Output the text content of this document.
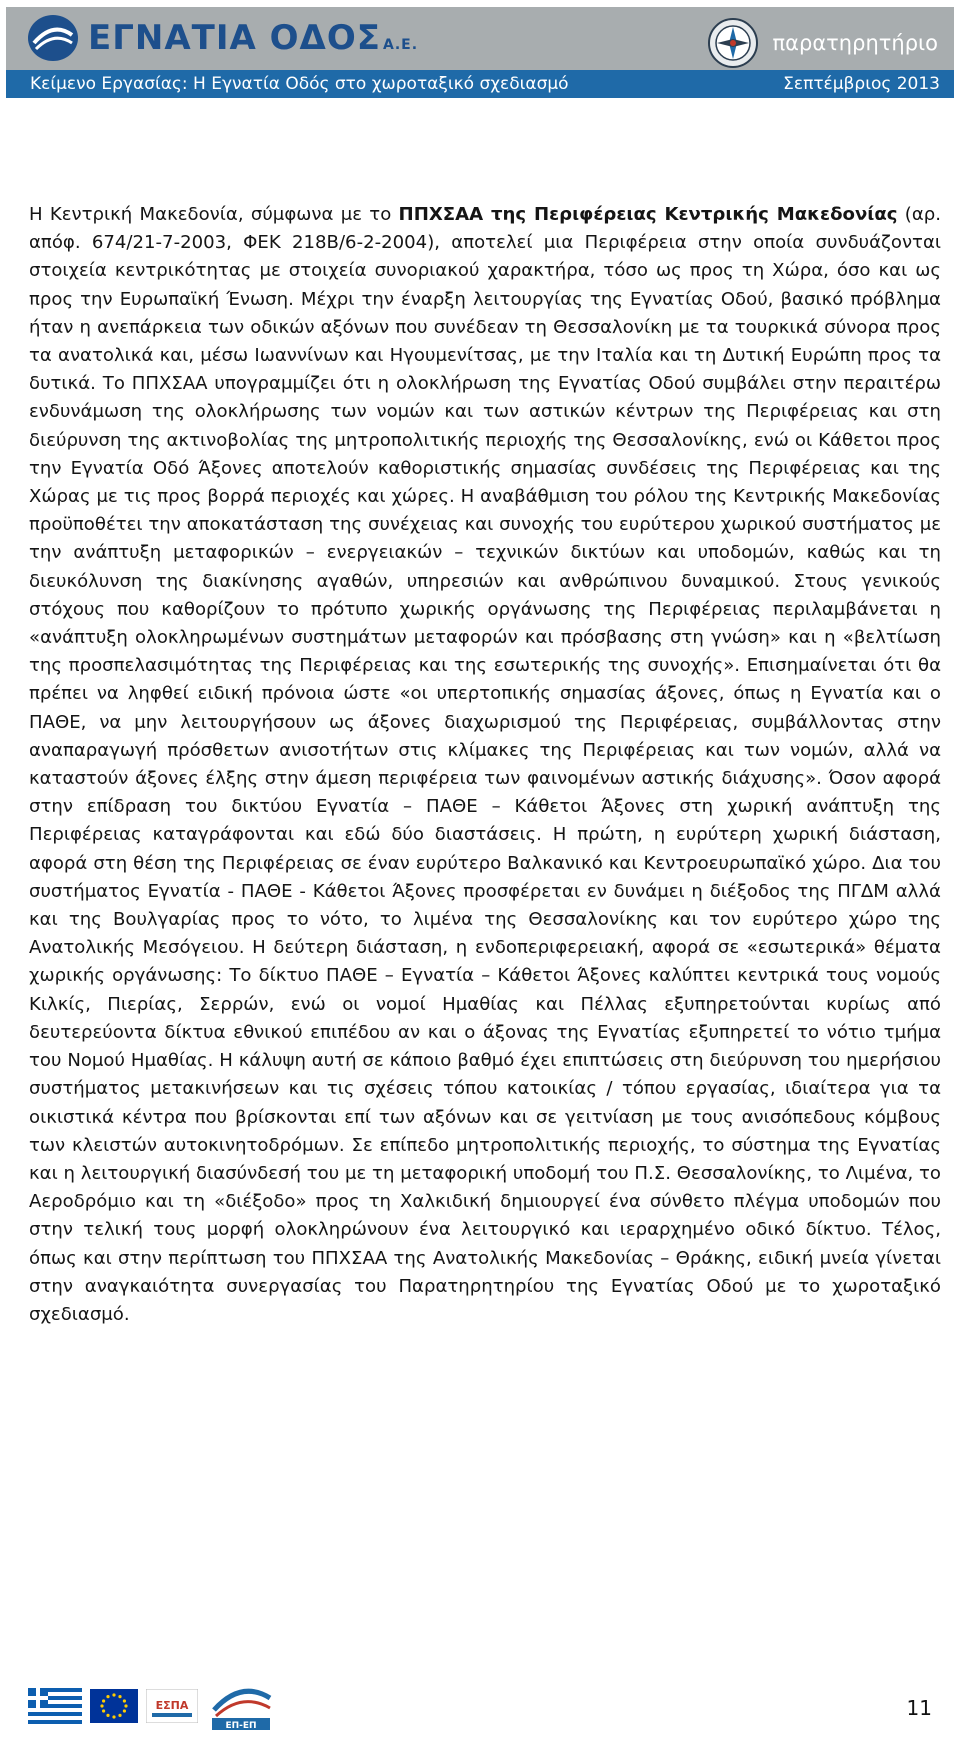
ΕΓΝΑΤΙΑ ΟΔΟΣ Α.Ε.	παρατηρητήριο
Κείμενο Εργασίας: Η Εγνατία Οδός στο χωροταξικό σχεδιασμό	Σεπτέμβριος 2013
Η Κεντρική Μακεδονία, σύμφωνα με το ΠΠΧΣΑΑ της Περιφέρειας Κεντρικής Μακεδονίας (αρ. απόφ. 674/21-7-2003, ΦΕΚ 218Β/6-2-2004), αποτελεί μια Περιφέρεια στην οποία συνδυάζονται στοιχεία κεντρικότητας με στοιχεία συνοριακού χαρακτήρα, τόσο ως προς τη Χώρα, όσο και ως προς την Ευρωπαϊκή Ένωση. Μέχρι την έναρξη λειτουργίας της Εγνατίας Οδού, βασικό πρόβλημα ήταν η ανεπάρκεια των οδικών αξόνων που συνέδεαν τη Θεσσαλονίκη με τα τουρκικά σύνορα προς τα ανατολικά και, μέσω Ιωαννίνων και Ηγουμενίτσας, με την Ιταλία και τη Δυτική Ευρώπη προς τα δυτικά. Το ΠΠΧΣΑΑ υπογραμμίζει ότι η ολοκλήρωση της Εγνατίας Οδού συμβάλει στην περαιτέρω ενδυνάμωση της ολοκλήρωσης των νομών και των αστικών κέντρων της Περιφέρειας και στη διεύρυνση της ακτινοβολίας της μητροπολιτικής περιοχής της Θεσσαλονίκης, ενώ οι Κάθετοι προς την Εγνατία Οδό Άξονες αποτελούν καθοριστικής σημασίας συνδέσεις της Περιφέρειας και της Χώρας με τις προς βορρά περιοχές και χώρες. Η αναβάθμιση του ρόλου της Κεντρικής Μακεδονίας προϋποθέτει την αποκατάσταση της συνέχειας και συνοχής του ευρύτερου χωρικού συστήματος με την ανάπτυξη μεταφορικών – ενεργειακών – τεχνικών δικτύων και υποδομών, καθώς και τη διευκόλυνση της διακίνησης αγαθών, υπηρεσιών και ανθρώπινου δυναμικού. Στους γενικούς στόχους που καθορίζουν το πρότυπο χωρικής οργάνωσης της Περιφέρειας περιλαμβάνεται η «ανάπτυξη ολοκληρωμένων συστημάτων μεταφορών και πρόσβασης στη γνώση» και η «βελτίωση της προσπελασιμότητας της Περιφέρειας και της εσωτερικής της συνοχής». Επισημαίνεται ότι θα πρέπει να ληφθεί ειδική πρόνοια ώστε «οι υπερτοπικής σημασίας άξονες, όπως η Εγνατία και ο ΠΑΘΕ, να μην λειτουργήσουν ως άξονες διαχωρισμού της Περιφέρειας, συμβάλλοντας στην αναπαραγωγή πρόσθετων ανισοτήτων στις κλίμακες της Περιφέρειας και των νομών, αλλά να καταστούν άξονες έλξης στην άμεση περιφέρεια των φαινομένων αστικής διάχυσης». Όσον αφορά στην επίδραση του δικτύου Εγνατία – ΠΑΘΕ – Κάθετοι Άξονες στη χωρική ανάπτυξη της Περιφέρειας καταγράφονται και εδώ δύο διαστάσεις. Η πρώτη, η ευρύτερη χωρική διάσταση, αφορά στη θέση της Περιφέρειας σε έναν ευρύτερο Βαλκανικό και Κεντροευρωπαϊκό χώρο. Δια του συστήματος Εγνατία - ΠΑΘΕ - Κάθετοι Άξονες προσφέρεται εν δυνάμει η διέξοδος της ΠΓΔΜ αλλά και της Βουλγαρίας προς το νότο, το λιμένα της Θεσσαλονίκης και τον ευρύτερο χώρο της Ανατολικής Μεσόγειου. Η δεύτερη διάσταση, η ενδοπεριφερειακή, αφορά σε «εσωτερικά» θέματα χωρικής οργάνωσης: Το δίκτυο ΠΑΘΕ – Εγνατία – Κάθετοι Άξονες καλύπτει κεντρικά τους νομούς Κιλκίς, Πιερίας, Σερρών, ενώ οι νομοί Ημαθίας και Πέλλας εξυπηρετούνται κυρίως από δευτερεύοντα δίκτυα εθνικού επιπέδου αν και ο άξονας της Εγνατίας εξυπηρετεί το νότιο τμήμα του Νομού Ημαθίας. Η κάλυψη αυτή σε κάποιο βαθμό έχει επιπτώσεις στη διεύρυνση του ημερήσιου συστήματος μετακινήσεων και τις σχέσεις τόπου κατοικίας / τόπου εργασίας, ιδιαίτερα για τα οικιστικά κέντρα που βρίσκονται επί των αξόνων και σε γειτνίαση με τους ανισόπεδους κόμβους των κλειστών αυτοκινητοδρόμων. Σε επίπεδο μητροπολιτικής περιοχής, το σύστημα της Εγνατίας και η λειτουργική διασύνδεσή του με τη μεταφορική υποδομή του Π.Σ. Θεσσαλονίκης, το Λιμένα, το Αεροδρόμιο και τη «διέξοδο» προς τη Χαλκιδική δημιουργεί ένα σύνθετο πλέγμα υποδομών που στην τελική τους μορφή ολοκληρώνουν ένα λειτουργικό και ιεραρχημένο οδικό δίκτυο. Τέλος, όπως και στην περίπτωση του ΠΠΧΣΑΑ της Ανατολικής Μακεδονίας – Θράκης, ειδική μνεία γίνεται στην αναγκαιότητα συνεργασίας του Παρατηρητηρίου της Εγνατίας Οδού με το χωροταξικό σχεδιασμό.
ΕΣΠΑ
ΕΠ-ΕΠ
11
